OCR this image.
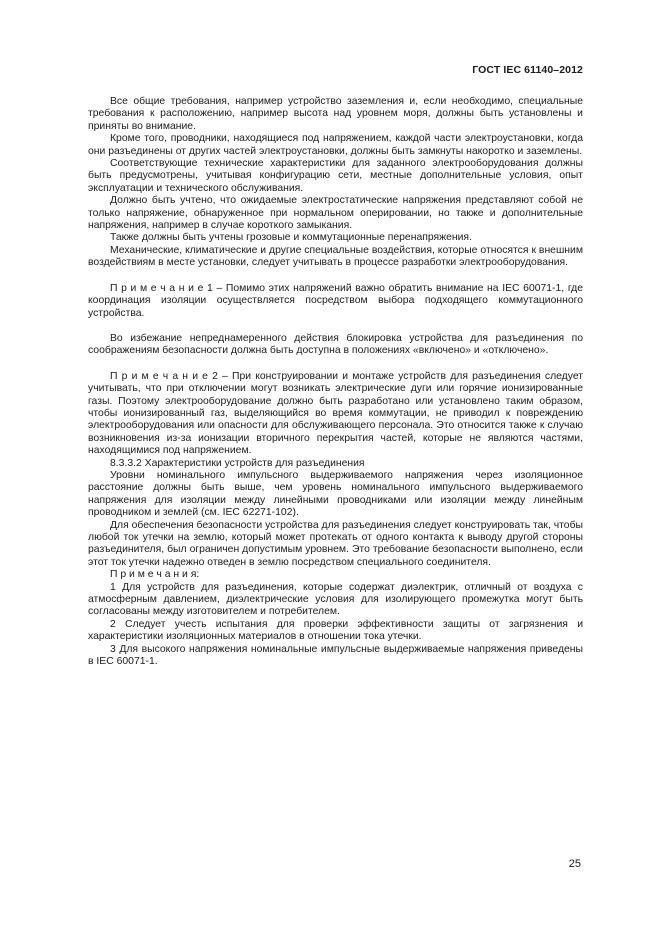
ГОСТ IEC 61140–2012

Все общие требования, например устройство заземления и, если необходимо, специальные требования к расположению, например высота над уровнем моря, должны быть установлены и приняты во внимание.

Кроме того, проводники, находящиеся под напряжением, каждой части электроустановки, когда они разъединены от других частей электроустановки, должны быть замкнуты накоротко и заземлены.

Соответствующие технические характеристики для заданного электрооборудования должны быть предусмотрены, учитывая конфигурацию сети, местные дополнительные условия, опыт эксплуатации и технического обслуживания.

Должно быть учтено, что ожидаемые электростатические напряжения представляют собой не только напряжение, обнаруженное при нормальном оперировании, но также и дополнительные напряжения, например в случае короткого замыкания.

Также должны быть учтены грозовые и коммутационные перенапряжения.

Механические, климатические и другие специальные воздействия, которые относятся к внешним воздействиям в месте установки, следует учитывать в процессе разработки электрооборудования.

П р и м е ч а н и е 1 – Помимо этих напряжений важно обратить внимание на IEC 60071-1, где координация изоляции осуществляется посредством выбора подходящего коммутационного устройства.

Во избежание непреднамеренного действия блокировка устройства для разъединения по соображениям безопасности должна быть доступна в положениях «включено» и «отключено».

П р и м е ч а н и е 2 – При конструировании и монтаже устройств для разъединения следует учитывать, что при отключении могут возникать электрические дуги или горячие ионизированные газы. Поэтому электрооборудование должно быть разработано или установлено таким образом, чтобы ионизированный газ, выделяющийся во время коммутации, не приводил к повреждению электрооборудования или опасности для обслуживающего персонала. Это относится также к случаю возникновения из-за ионизации вторичного перекрытия частей, которые не являются частями, находящимися под напряжением.

8.3.3.2 Характеристики устройств для разъединения

Уровни номинального импульсного выдерживаемого напряжения через изоляционное расстояние должны быть выше, чем уровень номинального импульсного выдерживаемого напряжения для изоляции между линейными проводниками или изоляции между линейным проводником и землей (см. IEC 62271-102).

Для обеспечения безопасности устройства для разъединения следует конструировать так, чтобы любой ток утечки на землю, который может протекать от одного контакта к выводу другой стороны разъединителя, был ограничен допустимым уровнем. Это требование безопасности выполнено, если этот ток утечки надежно отведен в землю посредством специального соединителя.

П р и м е ч а н и я:

1 Для устройств для разъединения, которые содержат диэлектрик, отличный от воздуха с атмосферным давлением, диэлектрические условия для изолирующего промежутка могут быть согласованы между изготовителем и потребителем.

2 Следует учесть испытания для проверки эффективности защиты от загрязнения и характеристики изоляционных материалов в отношении тока утечки.

3 Для высокого напряжения номинальные импульсные выдерживаемые напряжения приведены в IEC 60071-1.

25
